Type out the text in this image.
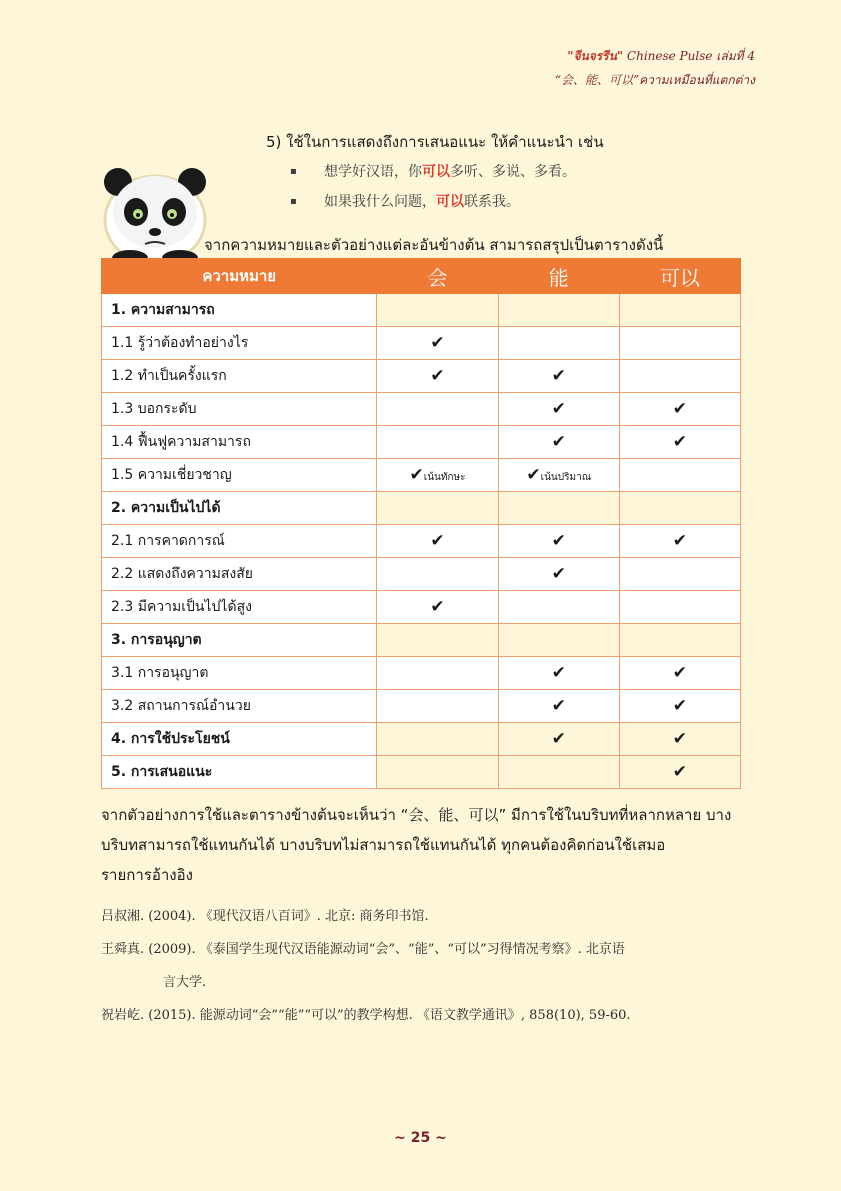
"จีนจรรีน" Chinese Pulse เล่มที่ 4
“会、能、可以”ความเหมือนที่แตกต่าง
5) ใช้ในการแสดงถึงการเสนอแนะ ให้คำแนะนำ เช่น
▪	想学好汉语，你 可以 多听、多说、多看。
▪	如果我什么问题， 可以 联系我。
จากความหมายและตัวอย่างแต่ละอันข้างต้น สามารถสรุปเป็นตารางดังนี้
ความหมาย	会	能	可以
1. ความสามารถ			
1.1 รู้ว่าต้องทำอย่างไร	✔		
1.2 ทำเป็นครั้งแรก	✔	✔	
1.3 บอกระดับ		✔	✔
1.4 ฟื้นฟูความสามารถ		✔	✔
1.5 ความเชี่ยวชาญ	✔เน้นทักษะ	✔เน้นปริมาณ	
2. ความเป็นไปได้			
2.1 การคาดการณ์	✔	✔	✔
2.2 แสดงถึงความสงสัย		✔	
2.3 มีความเป็นไปได้สูง	✔		
3. การอนุญาต			
3.1 การอนุญาต		✔	✔
3.2 สถานการณ์อำนวย		✔	✔
4. การใช้ประโยชน์		✔	✔
5. การเสนอแนะ			✔
จากตัวอย่างการใช้และตารางข้างต้นจะเห็นว่า “会、能、可以” มีการใช้ในบริบทที่หลากหลาย บาง
บริบทสามารถใช้แทนกันได้ บางบริบทไม่สามารถใช้แทนกันได้ ทุกคนต้องคิดก่อนใช้เสมอ
รายการอ้างอิง
吕叔湘. (2004). 《现代汉语八百词》. 北京: 商务印书馆.
王舜真. (2009). 《泰国学生现代汉语能源动词“会”、“能”、“可以”习得情况考察》. 北京语
言大学.
祝岩屹. (2015). 能源动词“会”“能”“可以”的教学构想. 《语文教学通讯》, 858(10), 59-60.
~ 25 ~
